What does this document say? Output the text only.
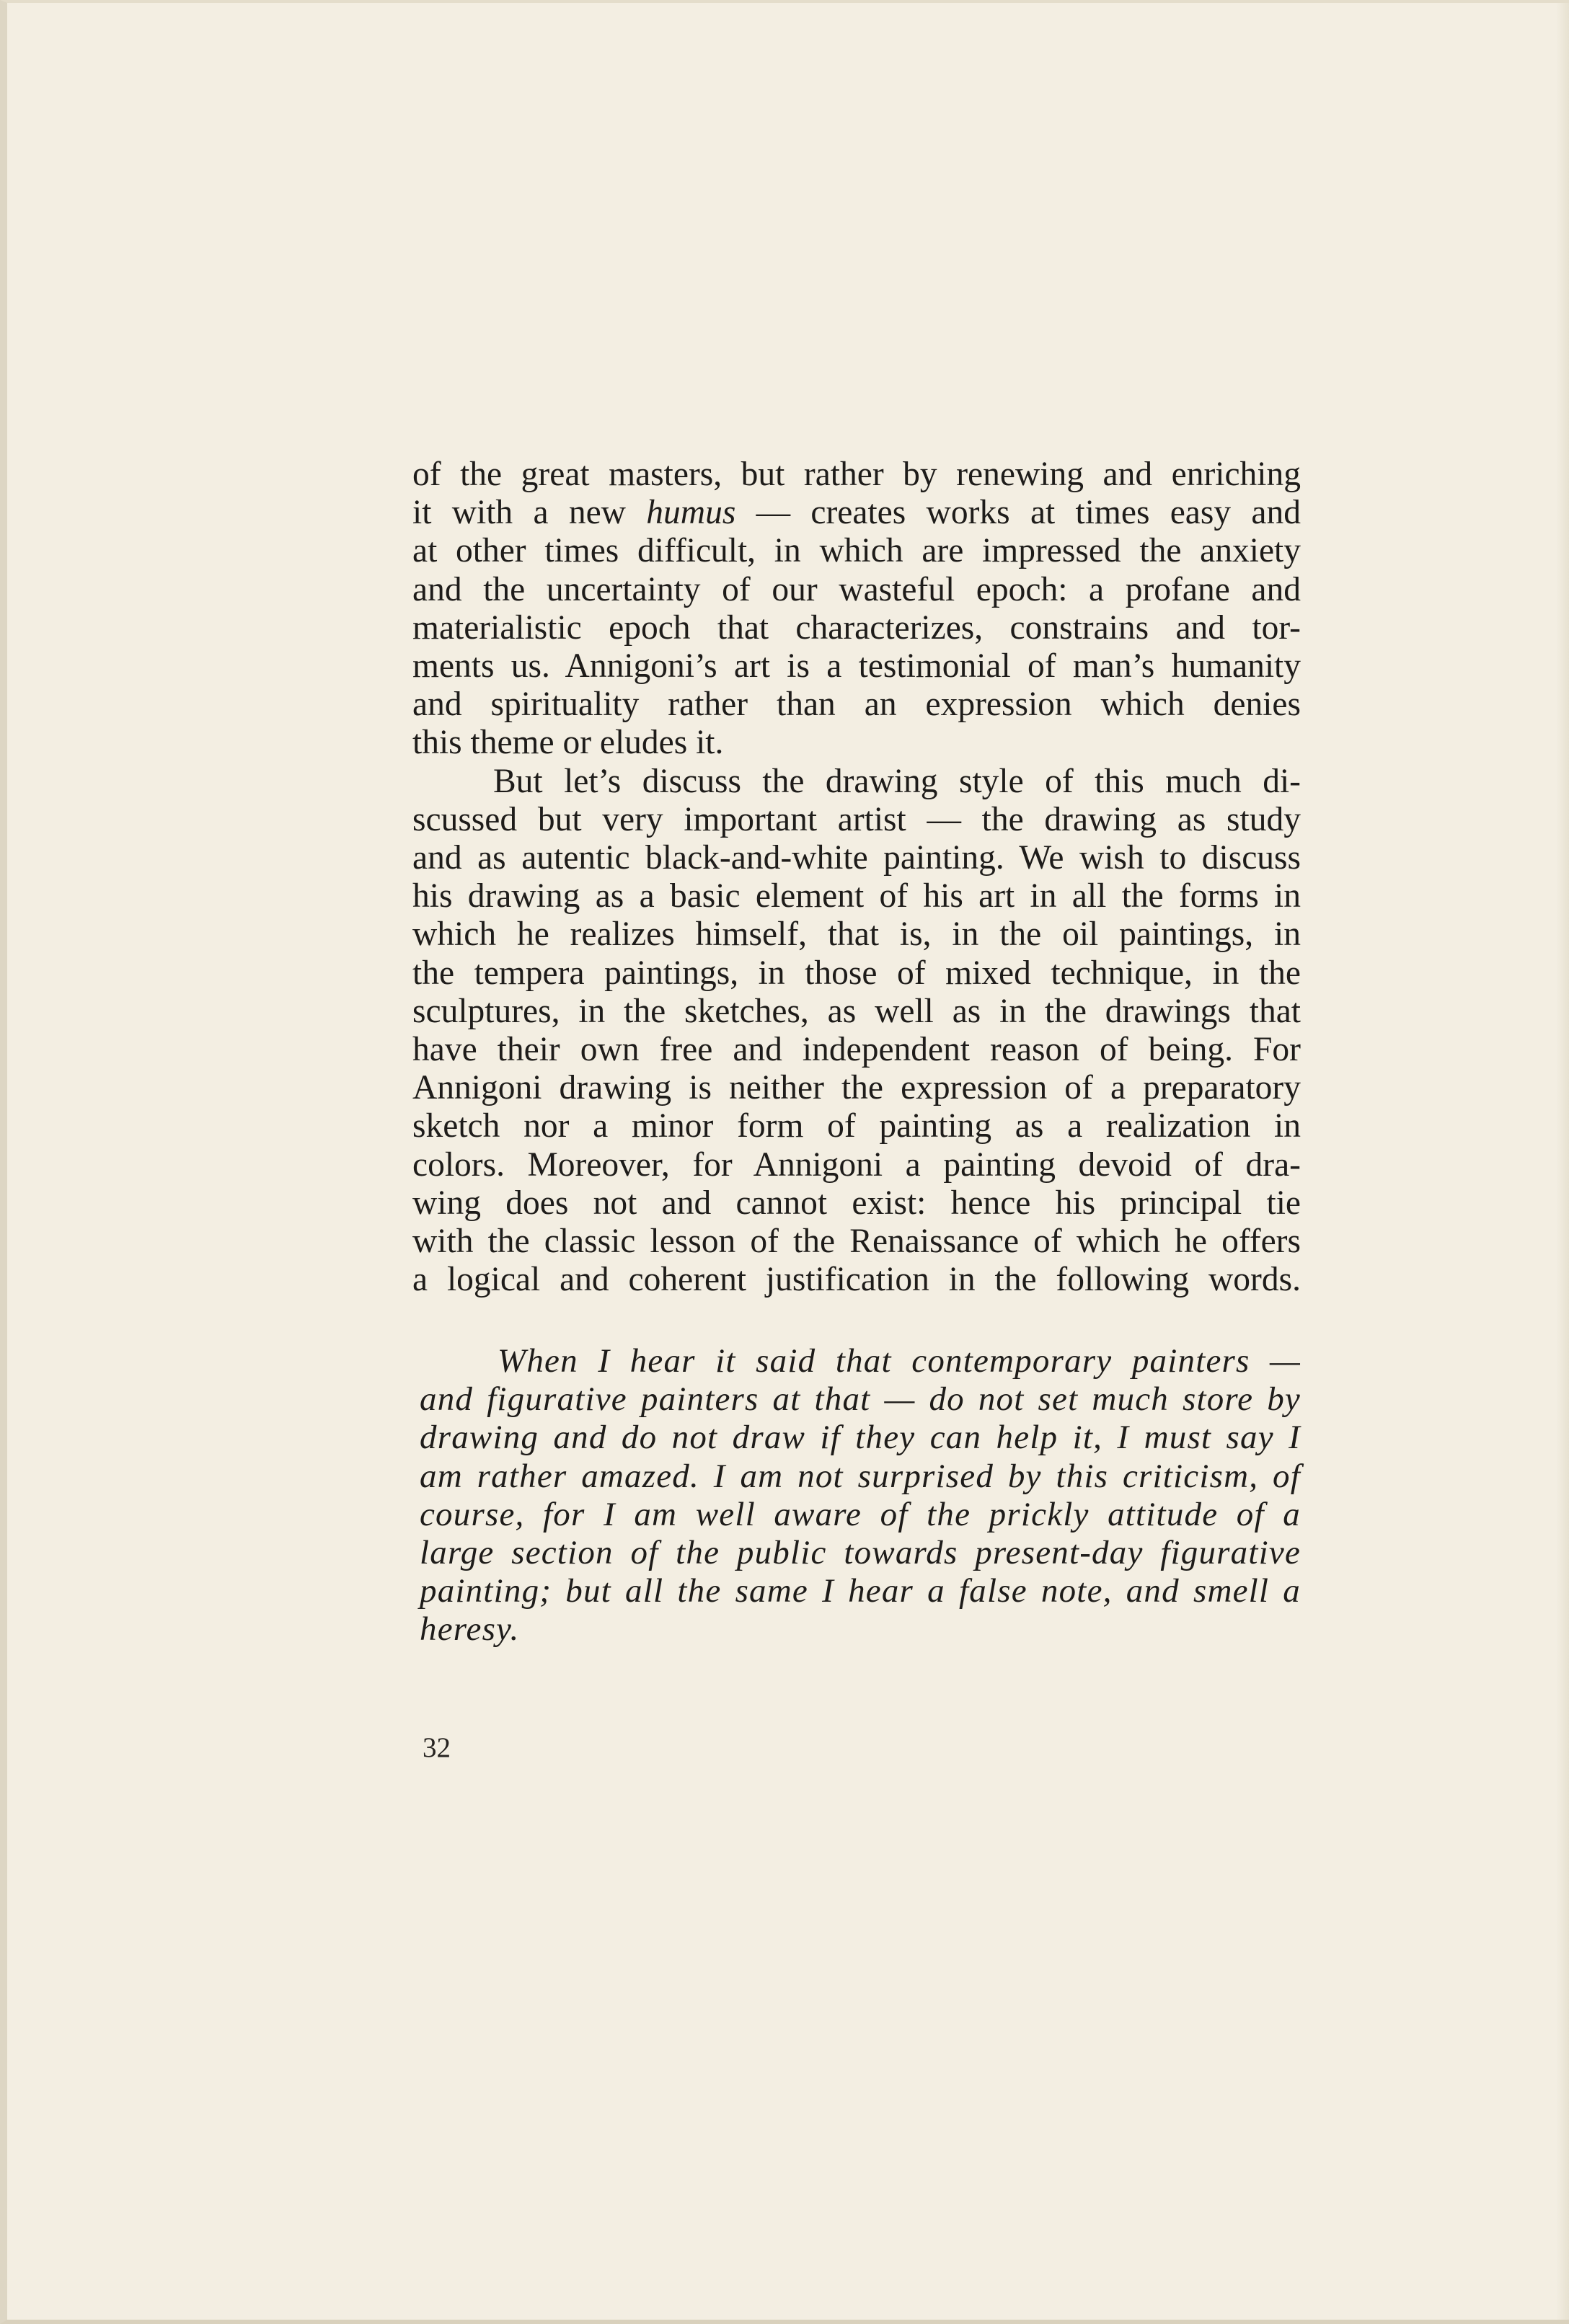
of the great masters, but rather by renewing and enriching
it with a new humus — creates works at times easy and
at other times difficult, in which are impressed the anxiety
and the uncertainty of our wasteful epoch: a profane and
materialistic epoch that characterizes, constrains and tor-
ments us. Annigoni’s art is a testimonial of man’s humanity
and spirituality rather than an expression which denies
this theme or eludes it.

But let’s discuss the drawing style of this much di-
scussed but very important artist — the drawing as study
and as autentic black-and-white painting. We wish to discuss
his drawing as a basic element of his art in all the forms in
which he realizes himself, that is, in the oil paintings, in
the tempera paintings, in those of mixed technique, in the
sculptures, in the sketches, as well as in the drawings that
have their own free and independent reason of being. For
Annigoni drawing is neither the expression of a preparatory
sketch nor a minor form of painting as a realization in
colors. Moreover, for Annigoni a painting devoid of dra-
wing does not and cannot exist: hence his principal tie
with the classic lesson of the Renaissance of which he offers
a logical and coherent justification in the following words.

When I hear it said that contemporary painters —
and figurative painters at that — do not set much store by
drawing and do not draw if they can help it, I must say I
am rather amazed. I am not surprised by this criticism, of
course, for I am well aware of the prickly attitude of a
large section of the public towards present-day figurative
painting; but all the same I hear a false note, and smell a
heresy.
32
